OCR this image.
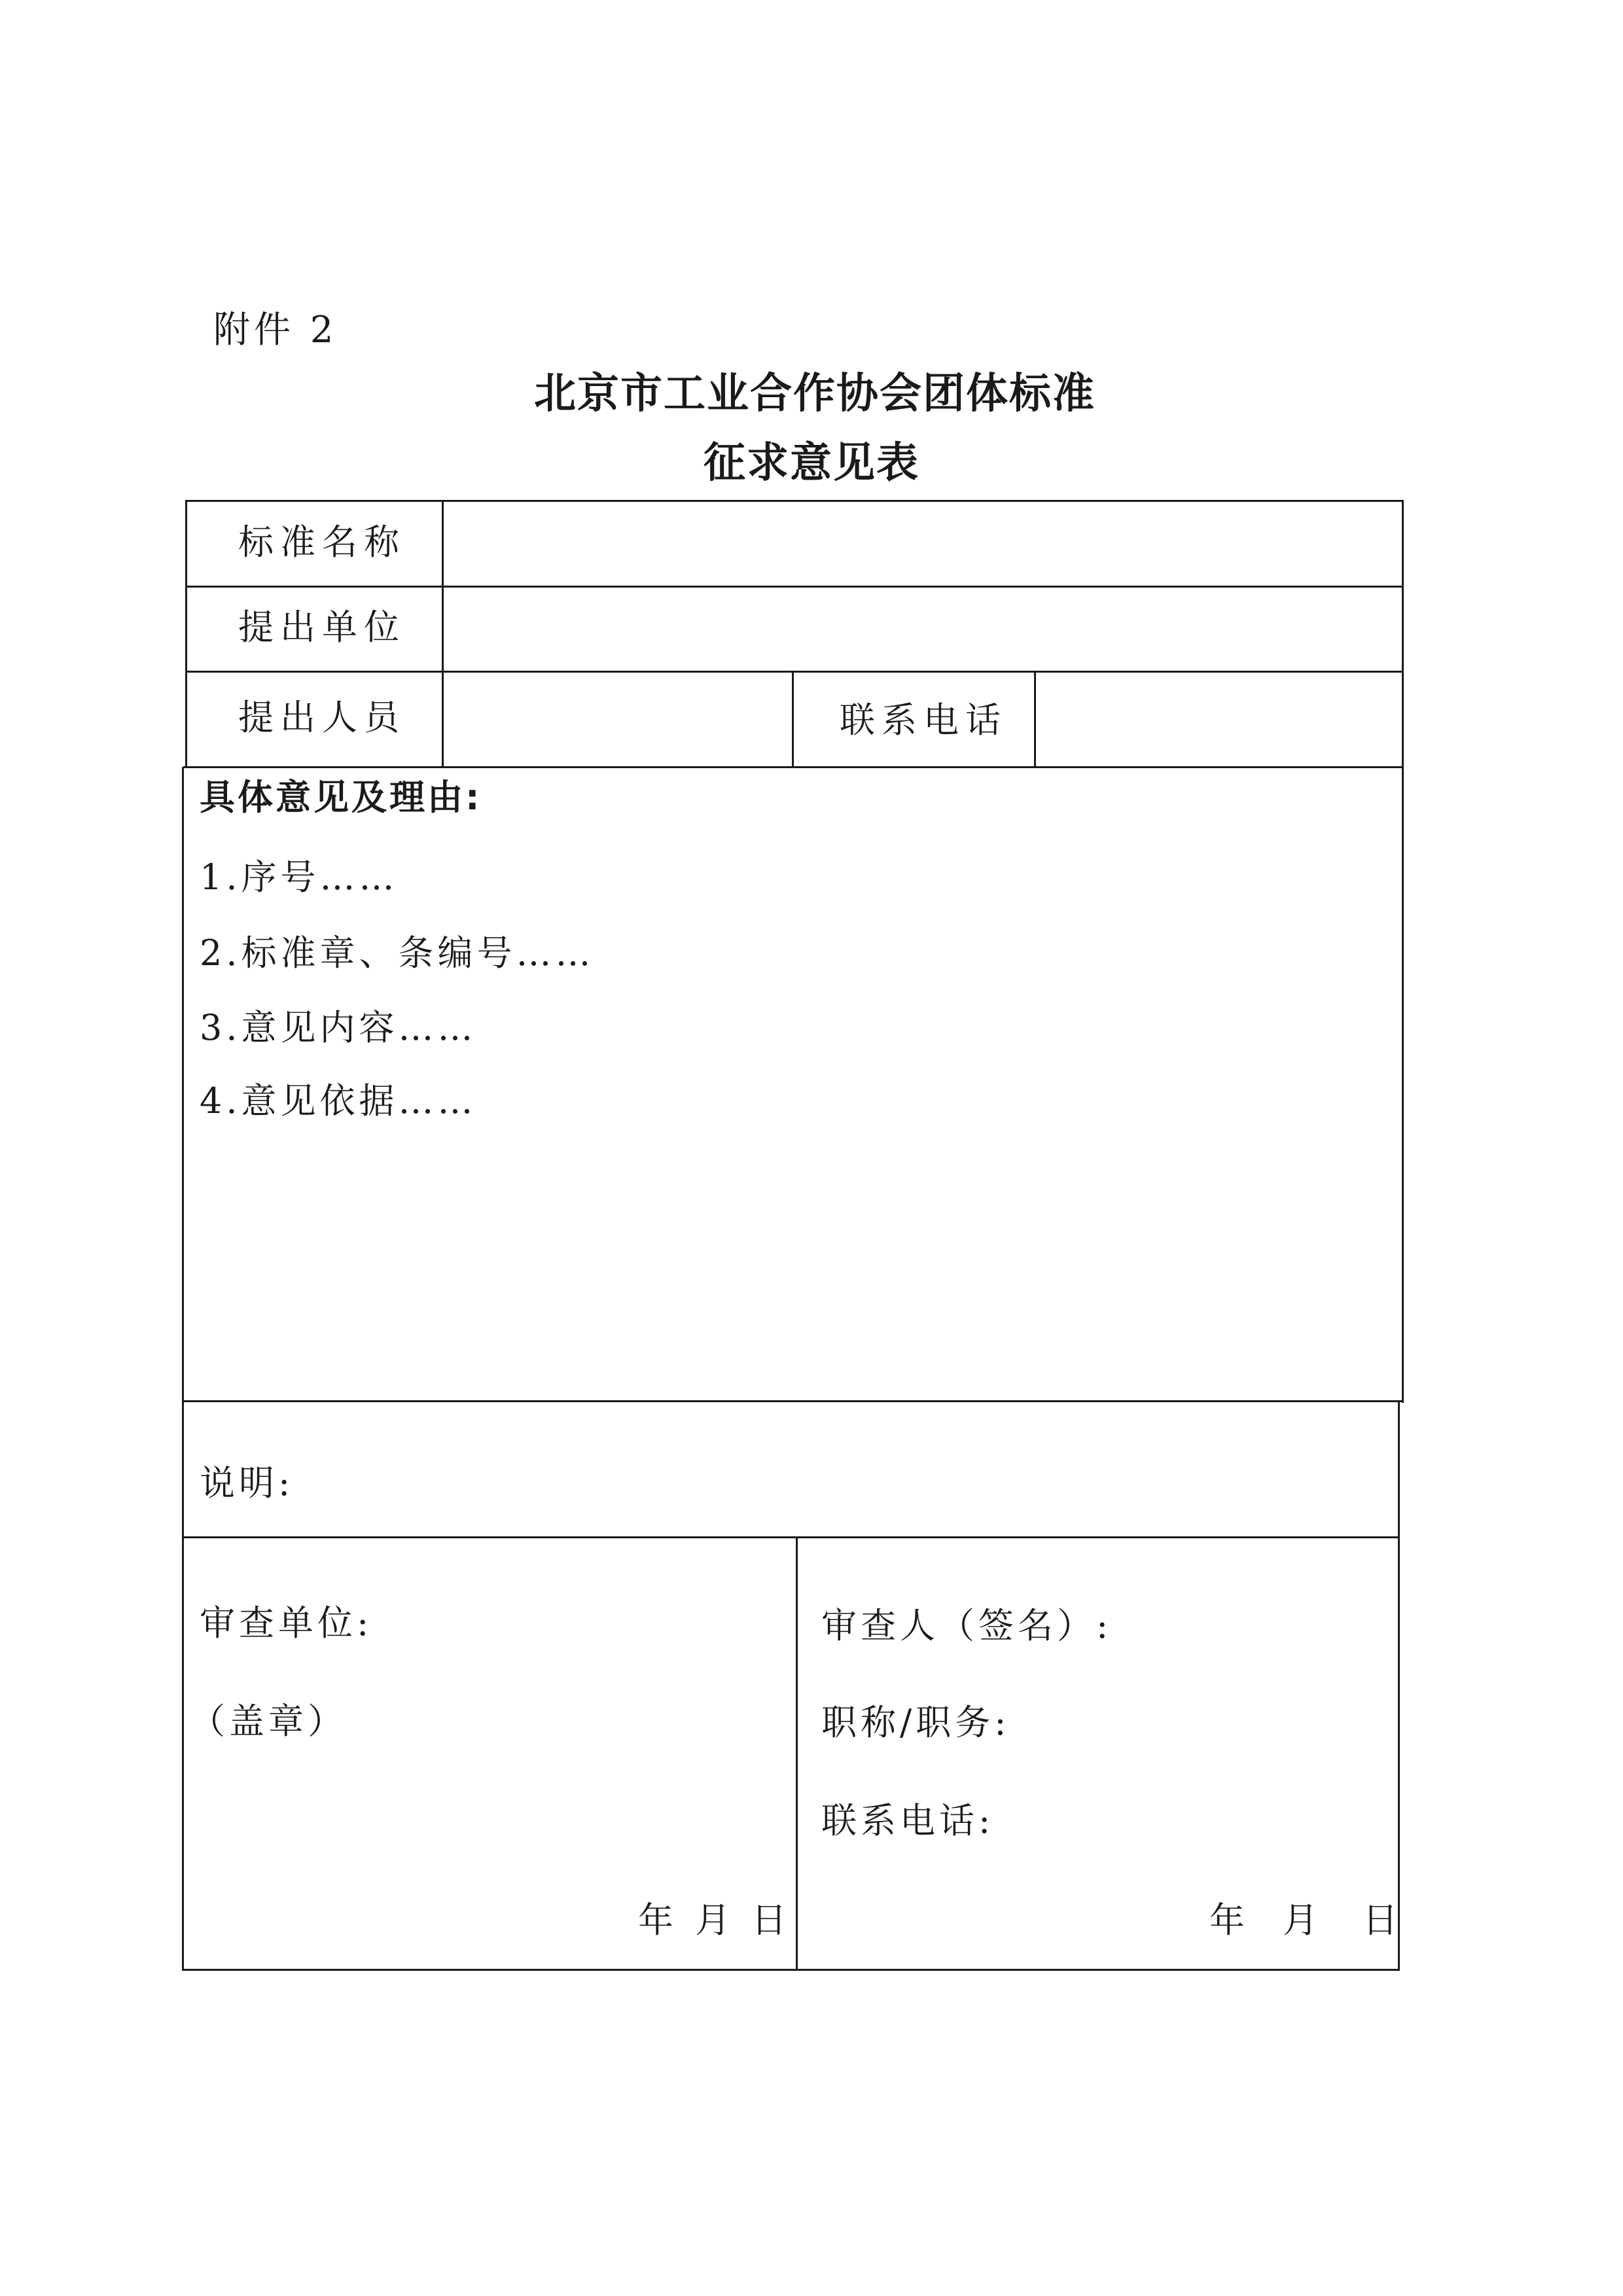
附件 2
北京市工业合作协会团体标准
征求意见表
标准名称
提出单位
提出人员	联系电话
具体意见及理由:
1.序号……
2.标准章、条编号……
3.意见内容……
4.意见依据……
说明:
审查单位:
（盖章）
年 月 日
审查人（签名）:
职称/职务:
联系电话:
年 月 日
